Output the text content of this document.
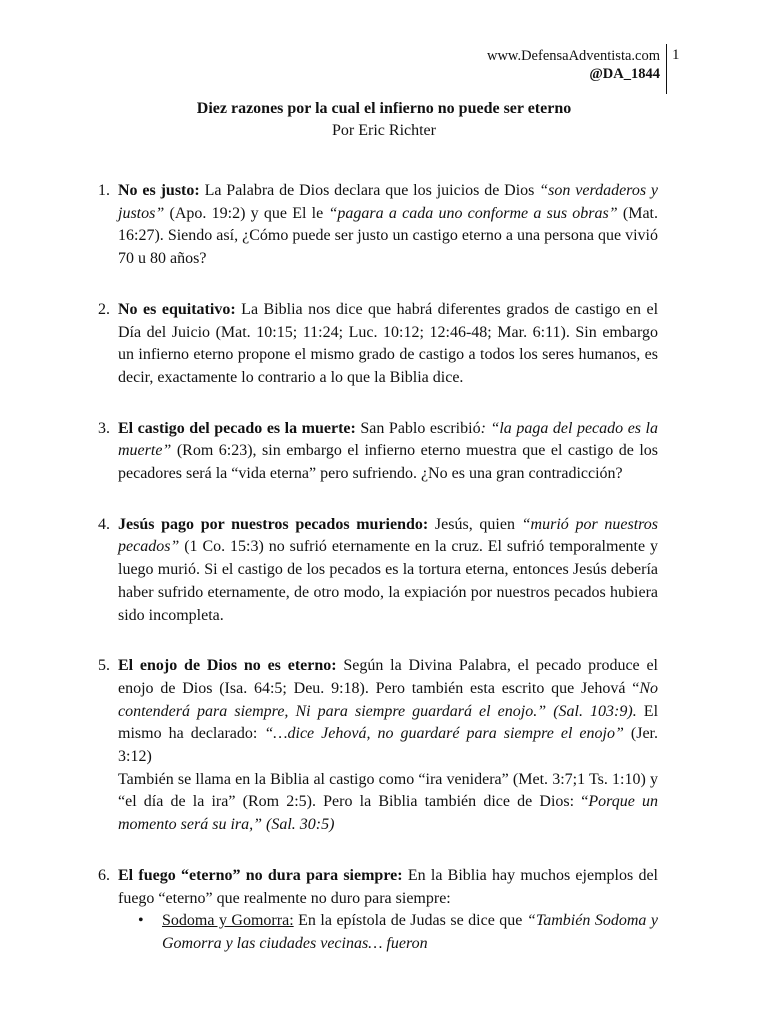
www.DefensaAdventista.com
@DA_1844
1
Diez razones por la cual el infierno no puede ser eterno
Por Eric Richter
1. No es justo: La Palabra de Dios declara que los juicios de Dios “son verdaderos y justos” (Apo. 19:2) y que El le “pagara a cada uno conforme a sus obras” (Mat. 16:27). Siendo así, ¿Cómo puede ser justo un castigo eterno a una persona que vivió 70 u 80 años?

2. No es equitativo: La Biblia nos dice que habrá diferentes grados de castigo en el Día del Juicio (Mat. 10:15; 11:24; Luc. 10:12; 12:46-48; Mar. 6:11). Sin embargo un infierno eterno propone el mismo grado de castigo a todos los seres humanos, es decir, exactamente lo contrario a lo que la Biblia dice.

3. El castigo del pecado es la muerte: San Pablo escribió: “la paga del pecado es la muerte” (Rom 6:23), sin embargo el infierno eterno muestra que el castigo de los pecadores será la “vida eterna” pero sufriendo. ¿No es una gran contradicción?

4. Jesús pago por nuestros pecados muriendo: Jesús, quien “murió por nuestros pecados” (1 Co. 15:3) no sufrió eternamente en la cruz. El sufrió temporalmente y luego murió. Si el castigo de los pecados es la tortura eterna, entonces Jesús debería haber sufrido eternamente, de otro modo, la expiación por nuestros pecados hubiera sido incompleta.

5. El enojo de Dios no es eterno: Según la Divina Palabra, el pecado produce el enojo de Dios (Isa. 64:5; Deu. 9:18). Pero también esta escrito que Jehová “No contenderá para siempre, Ni para siempre guardará el enojo.” (Sal. 103:9). El mismo ha declarado: “…dice Jehová, no guardaré para siempre el enojo” (Jer. 3:12)

También se llama en la Biblia al castigo como “ira venidera” (Met. 3:7;1 Ts. 1:10) y “el día de la ira” (Rom 2:5). Pero la Biblia también dice de Dios: “Porque un momento será su ira,” (Sal. 30:5)

6. El fuego “eterno” no dura para siempre: En la Biblia hay muchos ejemplos del fuego “eterno” que realmente no duro para siempre:

• Sodoma y Gomorra: En la epístola de Judas se dice que “También Sodoma y Gomorra y las ciudades vecinas… fueron
